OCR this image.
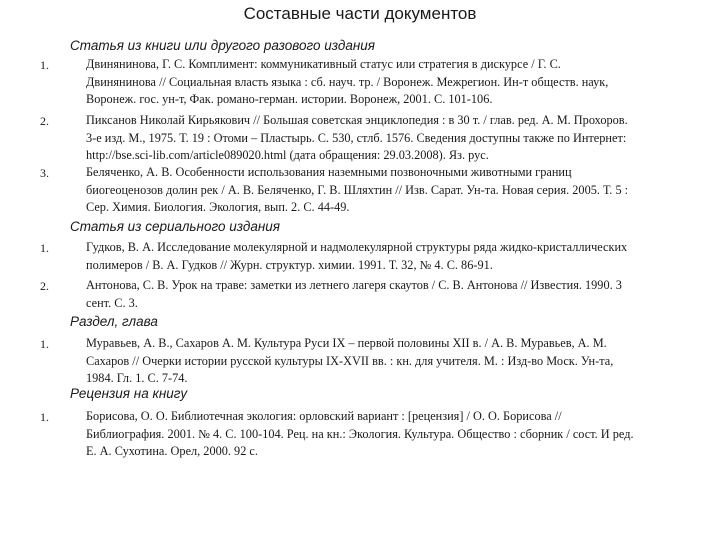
Составные части документов
Статья из книги или другого разового издания
1.	Двинянинова, Г. С. Комплимент: коммуникативный статус или стратегия в дискурсе / Г. С.
Двинянинова // Социальная власть языка : сб. науч. тр. / Воронеж. Межрегион. Ин-т обществ. наук,
Воронеж. гос. ун-т, Фак. романо-герман. истории. Воронеж, 2001. С. 101-106.
2.	Пиксанов Николай Кирьякович // Большая советская энциклопедия : в 30 т. / глав. ред. А. М. Прохоров.
3-е изд. М., 1975. Т. 19 : Отоми – Пластырь. С. 530, стлб. 1576. Сведения доступны также по Интернет:
http://bse.sci-lib.com/article089020.html (дата обращения: 29.03.2008). Яз. рус.
3.	Беляченко, А. В. Особенности использования наземными позвоночными животными границ
биогеоценозов долин рек / А. В. Беляченко, Г. В. Шляхтин // Изв. Сарат. Ун-та. Новая серия. 2005. Т. 5 :
Сер. Химия. Биология. Экология, вып. 2. С. 44-49.
Статья из сериального издания
1.	Гудков, В. А. Исследование молекулярной и надмолекулярной структуры ряда жидко-кристаллических
полимеров / В. А. Гудков // Журн. структур. химии. 1991. Т. 32, № 4. С. 86-91.
2.	Антонова, С. В. Урок на траве: заметки из летнего лагеря скаутов / С. В. Антонова // Известия. 1990. 3
сент. С. 3.
Раздел, глава
1.	Муравьев, А. В., Сахаров А. М. Культура Руси IX – первой половины XII в. / А. В. Муравьев, А. М.
Сахаров // Очерки истории русской культуры IX-XVII вв. : кн. для учителя. М. : Изд-во Моск. Ун-та,
1984. Гл. 1. С. 7-74.
Рецензия на книгу
1.	Борисова, О. О. Библиотечная экология: орловский вариант : [рецензия] / О. О. Борисова //
Библиография. 2001. № 4. С. 100-104. Рец. на кн.: Экология. Культура. Общество : сборник / сост. И ред.
Е. А. Сухотина. Орел, 2000. 92 с.
